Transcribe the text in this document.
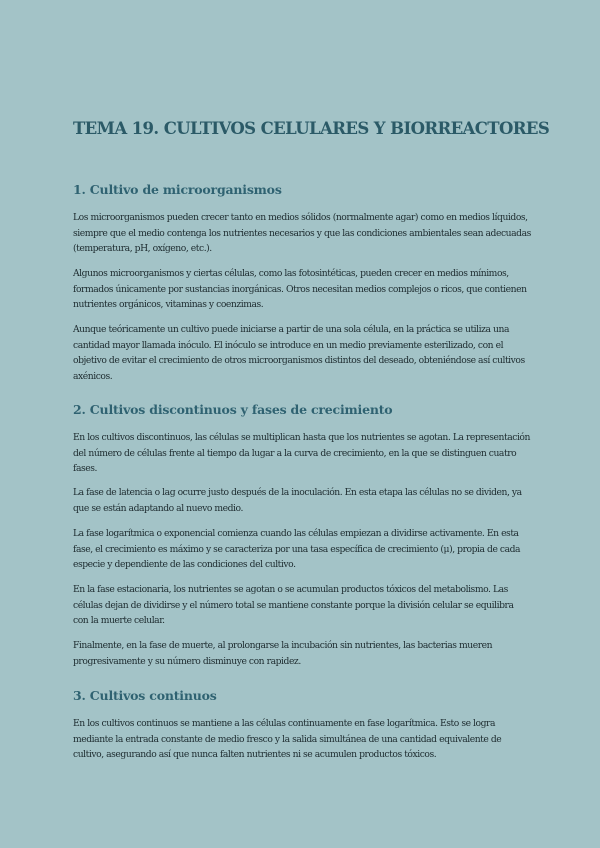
TEMA 19. CULTIVOS CELULARES Y BIORREACTORES
1. Cultivo de microorganismos

Los microorganismos pueden crecer tanto en medios sólidos (normalmente agar) como en medios líquidos, siempre que el medio contenga los nutrientes necesarios y que las condiciones ambientales sean adecuadas (temperatura, pH, oxígeno, etc.).

Algunos microorganismos y ciertas células, como las fotosintéticas, pueden crecer en medios mínimos, formados únicamente por sustancias inorgánicas. Otros necesitan medios complejos o ricos, que contienen nutrientes orgánicos, vitaminas y coenzimas.

Aunque teóricamente un cultivo puede iniciarse a partir de una sola célula, en la práctica se utiliza una cantidad mayor llamada inóculo. El inóculo se introduce en un medio previamente esterilizado, con el objetivo de evitar el crecimiento de otros microorganismos distintos del deseado, obteniéndose así cultivos axénicos.

2. Cultivos discontinuos y fases de crecimiento

En los cultivos discontinuos, las células se multiplican hasta que los nutrientes se agotan. La representación del número de células frente al tiempo da lugar a la curva de crecimiento, en la que se distinguen cuatro fases.

La fase de latencia o lag ocurre justo después de la inoculación. En esta etapa las células no se dividen, ya que se están adaptando al nuevo medio.

La fase logarítmica o exponencial comienza cuando las células empiezan a dividirse activamente. En esta fase, el crecimiento es máximo y se caracteriza por una tasa específica de crecimiento (μ), propia de cada especie y dependiente de las condiciones del cultivo.

En la fase estacionaria, los nutrientes se agotan o se acumulan productos tóxicos del metabolismo. Las células dejan de dividirse y el número total se mantiene constante porque la división celular se equilibra con la muerte celular.

Finalmente, en la fase de muerte, al prolongarse la incubación sin nutrientes, las bacterias mueren progresivamente y su número disminuye con rapidez.

3. Cultivos continuos

En los cultivos continuos se mantiene a las células continuamente en fase logarítmica. Esto se logra mediante la entrada constante de medio fresco y la salida simultánea de una cantidad equivalente de cultivo, asegurando así que nunca falten nutrientes ni se acumulen productos tóxicos.
